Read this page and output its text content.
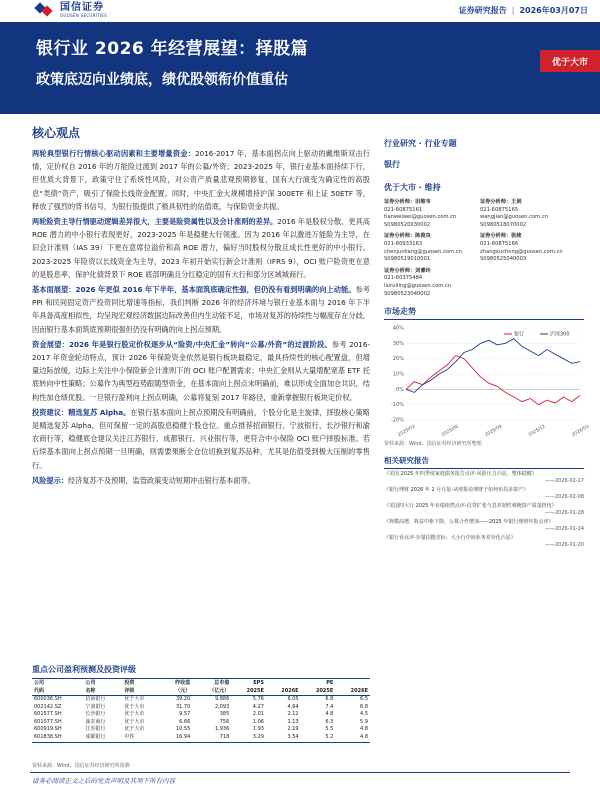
国信证券
GUOSEN SECURITIES	证券研究报告 | 2026年03月07日
银行业 2026 年经营展望：择股篇
政策底迈向业绩底，绩优股领衔价值重估
优于大市
核心观点

两轮典型银行行情核心驱动因素和主要增量资金：2016-2017 年，基本面拐点向上驱动的戴维斯双击行情，定价权自 2016 年的万能险过渡到 2017 年的公募/外资；2023-2025 年，银行业基本面持续下行，但优质大背景下，政策守住了系统性风险，对公资产质量悲观预期修复，国有大行演变为确定性的高股息“类债”资产，吸引了保险长线资金配置。同时，中央汇金大规模增持沪深 300ETF 和上证 50ETF 等，释放了强烈的背书信号，为银行股提供了极具韧性的估值底，与保险资金共振。

两轮险资主导行情驱动逻辑差异很大，主要是险资属性以及会计准则的差异。2016 年是股权分散、更具高 ROE 潜力的中小银行表现更好，2023-2025 年是稳健大行领涨。因为 2016 年以激进万能险为主导，在旧会计准则（IAS 39）下更在意席位溢价和高 ROE 潜力，偏好当时股权分散且成长性更好的中小银行。2023-2025 年险资以长线资金为主导，2023 年初开始实行新会计准则（IFRS 9），OCI 账户险资更在意的是股息率，保护化债背景下 ROE 底部明确且分红稳定的国有大行和部分区域城商行。

基本面展望：2026 年更似 2016 年下半年，基本面筑底确定性强，但仍没有看到明确的向上动能。参考 PPI 和民间固定资产投资同比增速等指标，我们判断 2026 年的经济环境与银行业基本面与 2016 年下半年具备高度相似性，均呈现宏观经济数据边际改善但内生动能不足，市场对复苏的持续性与幅度存在分歧，因而银行基本面筑底预期很强但仍没有明确的向上拐点预期。

资金展望：2026 年是银行股定价权逐步从“险资/中央汇金”转向“公募/外资”的过渡阶段。参考 2016-2017 年资金轮动特点，预计 2026 年保险资金依然是银行板块最稳定、最具持续性的核心配置盘，但增量边际放缓，边际上关注中小保险新会计准则下的 OCI 账户配置需求；中央汇金则从大量增配宽基 ETF 托底转向中性策略；公募作为典型趋势跟随型资金，在基本面向上拐点未明确前，难以形成全面加仓共识，结构性加仓绩优股。一旦银行盈利向上拐点明确，公募将复刻 2017 年路径，重新掌握银行板块定价权。

投资建议：精选复苏 Alpha。在银行基本面向上拐点预期没有明确前，个股分化是主旋律，择股核心策略是精选复苏 Alpha，但可保留一定的高股息稳健个股仓位。重点推荐招商银行、宁波银行、长沙银行和渝农商行等，稳健底仓建议关注江苏银行、成都银行、兴业银行等，更符合中小保险 OCI 账户择股标准。若后续基本面向上拐点预期一旦明确，则需要果断全仓位切换到复苏品种，尤其是估值受到极大压制的零售行。

风险提示：经济复苏不及预期，监管政策变动短期冲击银行基本面等。

重点公司盈利预测及投资评级
公司	公司	投资	昨收盘	总市值	EPS		PE	
代码	名称	评级	（元）	（亿元）	2025E	2026E	2025E	2026E
600036.SH	招商银行	优于大市	39.20	9,886	5.76	6.05	6.8	6.5
002142.SZ	宁波银行	优于大市	31.70	2,093	4.27	4.64	7.4	6.8
601577.SH	长沙银行	优于大市	9.57	385	2.01	2.12	4.8	4.5
601077.SH	渝农商行	优于大市	6.66	756	1.06	1.13	6.3	5.9
600919.SH	江苏银行	优于大市	10.55	1,936	1.93	2.19	5.5	4.8
601838.SH	成都银行	中性	16.94	718	3.29	3.54	5.2	4.8
资料来源：Wind、国信证券经济研究所预测
请务必阅读正文之后的免责声明及其项下所有内容
行业研究 · 行业专题
银行
优于大市 · 维持
证券分析师：田维韦
021-60875161
tianweiwei@guosen.com.cn
S0980520030002
证券分析师：王剑
021-60875165
wangjian@guosen.com.cn
S0980518070002
证券分析师：陈俊良
021-60933163
chenjunliang@guosen.com.cn
S0980519010001
证券分析师：张续
021-60875166
zhangxuchong@guosen.com.cn
S0980525040003
证券分析师：刘睿玲
021-60375484
liuruiling@guosen.com.cn
S0980523040002
市场走势
40%
30%
20%
10%
0%
-10%
-20%
2025/03	2025/06	2025/09	2025/12	2026/03
银行	沪深300
资料来源：Wind、国信证券经济研究所整理
相关研究报告
《美国 2025 年四季度家庭债务报告点评-风险压力凸显，整体稳健》
——2026-02-27
《银行理财 2026 年 2 月月报-从财报看理财子如何布局多资产》
——2026-02-08
《美国四大行 2025 年业绩依然点评-信贷扩张与息差韧性难掩资产质量担忧》
——2026-01-28
《规模高增，收益中枢下降，公募合作增加——2025 年银行理财年报点评》
——2026-01-24
《银行业点评-存量招揽竞标：大小行中间业务差异化凸显》
——2026-01-20
